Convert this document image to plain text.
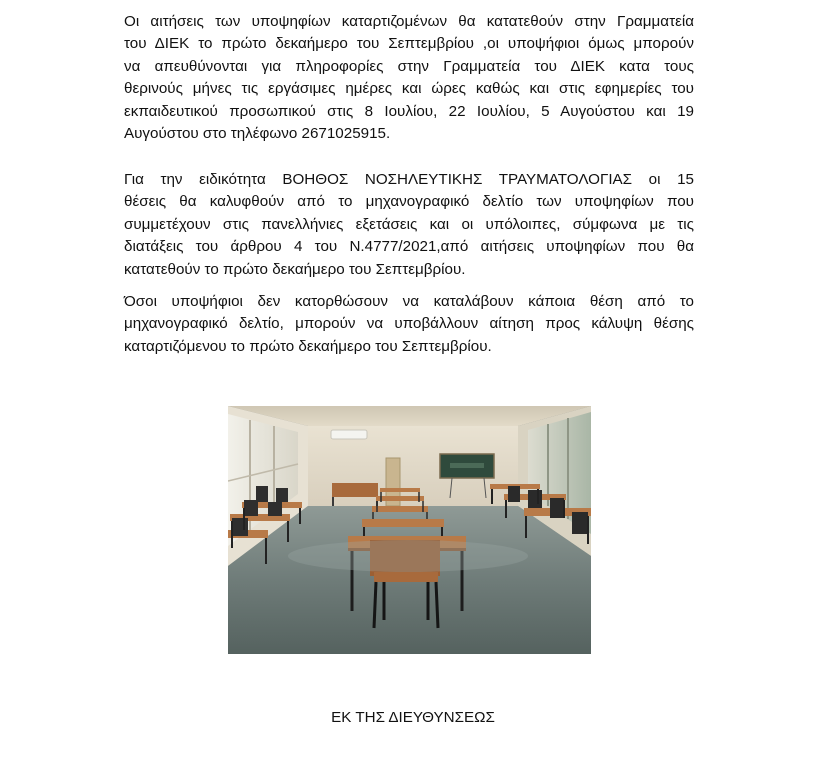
Οι αιτήσεις των υποψηφίων καταρτιζομένων θα κατατεθούν στην Γραμματεία
του ΔΙΕΚ το πρώτο δεκαήμερο του Σεπτεμβρίου ,οι υποψήφιοι όμως μπορούν
να απευθύνονται για πληροφορίες στην Γραμματεία του ΔΙΕΚ κατα τους
θερινούς μήνες τις εργάσιμες ημέρες και ώρες καθώς και στις εφημερίες του
εκπαιδευτικού προσωπικού στις 8 Ιουλίου, 22 Ιουλίου, 5 Αυγούστου και 19
Αυγούστου στο τηλέφωνο 2671025915.

Για την ειδικότητα ΒΟΗΘΟΣ ΝΟΣΗΛΕΥΤΙΚΗΣ ΤΡΑΥΜΑΤΟΛΟΓΙΑΣ οι 15
θέσεις θα καλυφθούν από το μηχανογραφικό δελτίο των υποψηφίων που
συμμετέχουν στις πανελλήνιες εξετάσεις και οι υπόλοιπες, σύμφωνα με τις
διατάξεις του άρθρου 4 του Ν.4777/2021,από αιτήσεις υποψηφίων που θα
κατατεθούν το πρώτο δεκαήμερο του Σεπτεμβρίου.

Όσοι υποψήφιοι δεν κατορθώσουν να καταλάβουν κάποια θέση από το
μηχανογραφικό δελτίο, μπορούν να υποβάλλουν αίτηση προς κάλυψη θέσης
καταρτιζόμενου το πρώτο δεκαήμερο του Σεπτεμβρίου.

ΕΚ ΤΗΣ ΔΙΕΥΘΥΝΣΕΩΣ
